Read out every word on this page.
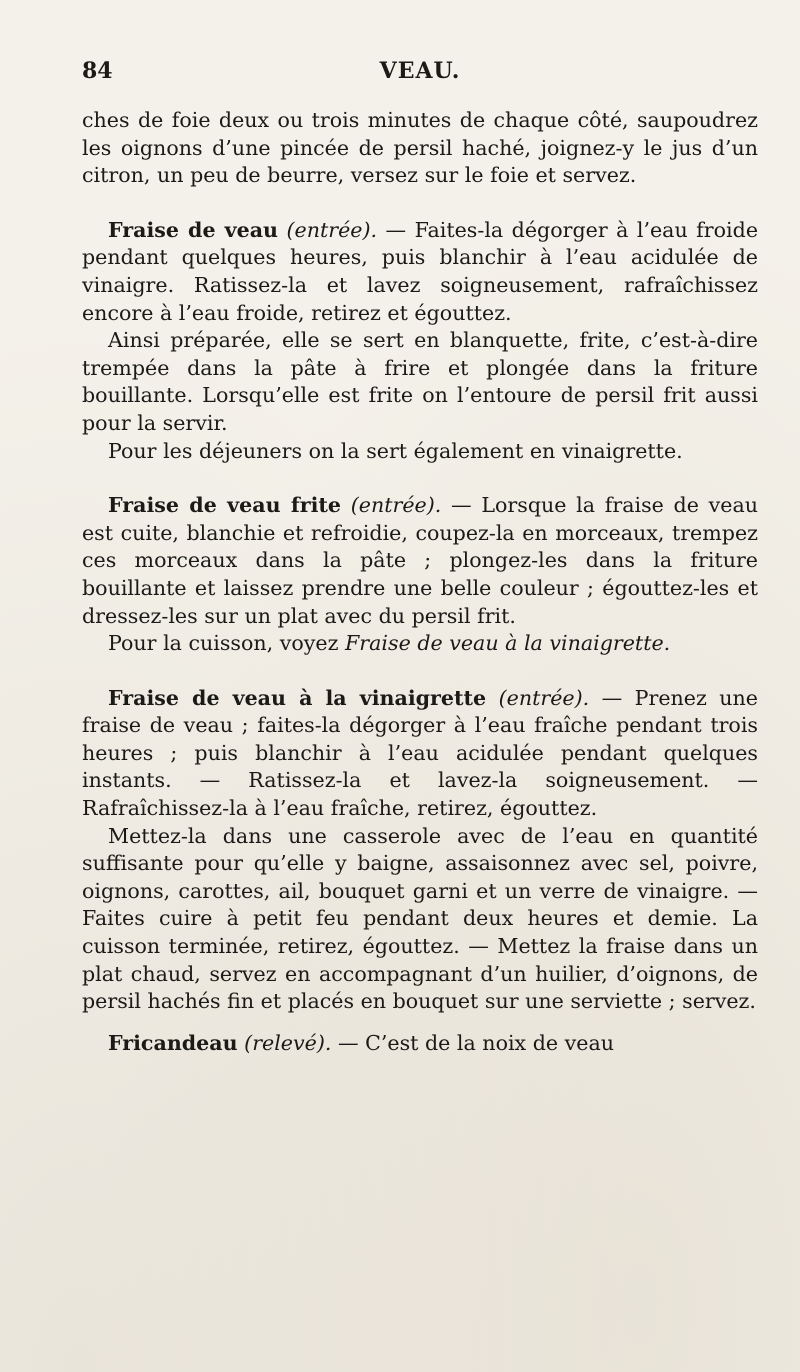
84	VEAU.

ches de foie deux ou trois minutes de chaque côté, saupoudrez les oignons d’une pincée de persil haché, joignez-y le jus d’un citron, un peu de beurre, versez sur le foie et servez.

Fraise de veau (entrée). — Faites-la dégorger à l’eau froide pendant quelques heures, puis blanchir à l’eau acidulée de vinaigre. Ratissez-la et lavez soigneusement, rafraîchissez encore à l’eau froide, retirez et égouttez.

Ainsi préparée, elle se sert en blanquette, frite, c’est-à-dire trempée dans la pâte à frire et plongée dans la friture bouillante. Lorsqu’elle est frite on l’entoure de persil frit aussi pour la servir.

Pour les déjeuners on la sert également en vinaigrette.

Fraise de veau frite (entrée). — Lorsque la fraise de veau est cuite, blanchie et refroidie, coupez-la en morceaux, trempez ces morceaux dans la pâte ; plongez-les dans la friture bouillante et laissez prendre une belle couleur ; égouttez-les et dressez-les sur un plat avec du persil frit.

Pour la cuisson, voyez Fraise de veau à la vinaigrette.

Fraise de veau à la vinaigrette (entrée). — Prenez une fraise de veau ; faites-la dégorger à l’eau fraîche pendant trois heures ; puis blanchir à l’eau acidulée pendant quelques instants. — Ratissez-la et lavez-la soigneusement. — Rafraîchissez-la à l’eau fraîche, retirez, égouttez.

Mettez-la dans une casserole avec de l’eau en quantité suffisante pour qu’elle y baigne, assaisonnez avec sel, poivre, oignons, carottes, ail, bouquet garni et un verre de vinaigre. — Faites cuire à petit feu pendant deux heures et demie. La cuisson terminée, retirez, égouttez. — Mettez la fraise dans un plat chaud, servez en accompagnant d’un huilier, d’oignons, de persil hachés fin et placés en bouquet sur une serviette ; servez.

Fricandeau (relevé). — C’est de la noix de veau
